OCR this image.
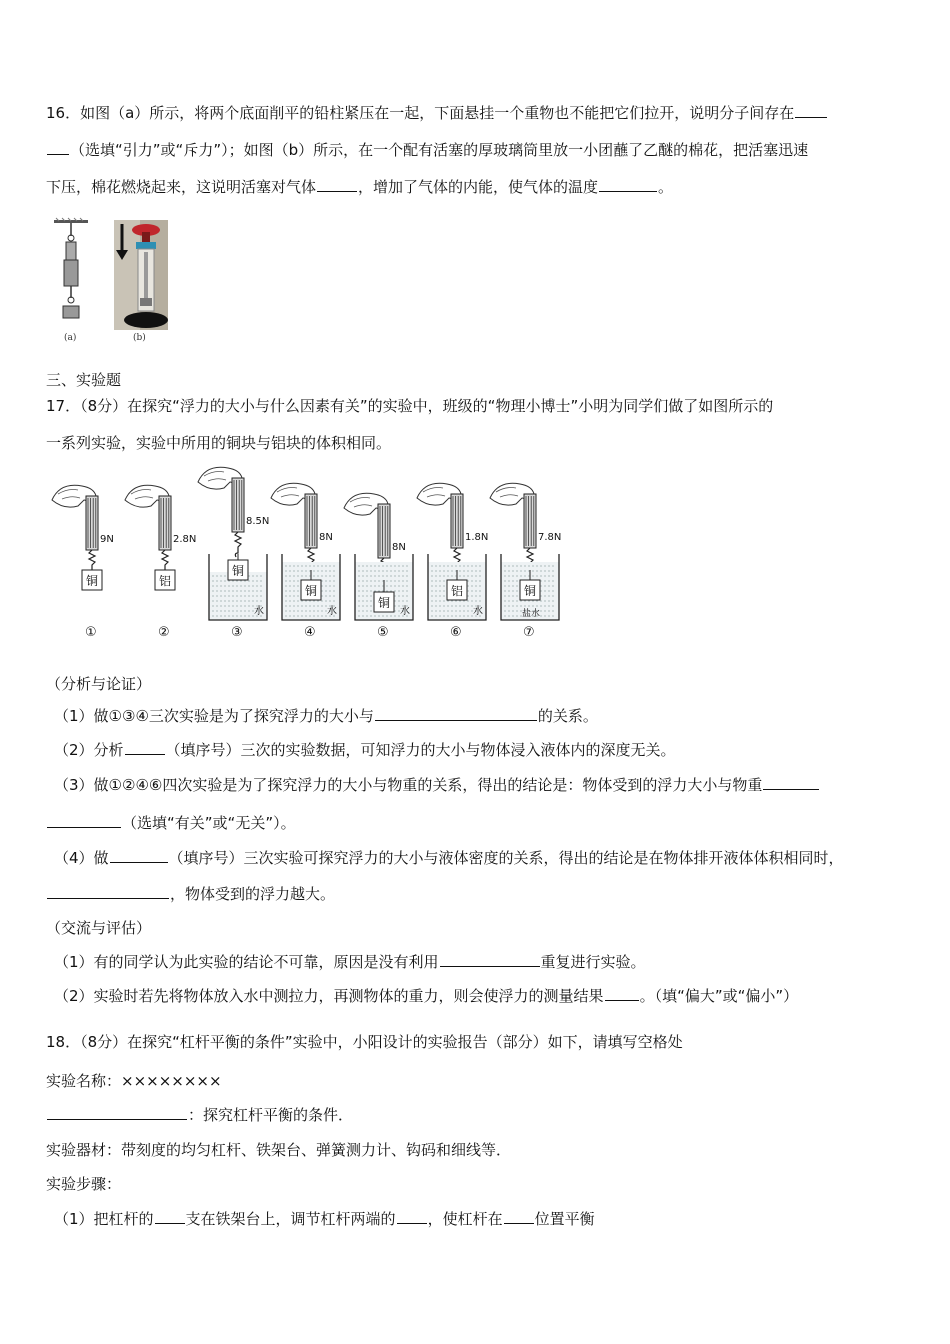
16．如图（a）所示，将两个底面削平的铅柱紧压在一起，下面悬挂一个重物也不能把它们拉开，说明分子间存在
（选填“引力”或“斥力”）；如图（b）所示，在一个配有活塞的厚玻璃筒里放一小团蘸了乙醚的棉花，把活塞迅速
下压，棉花燃烧起来，这说明活塞对气体	，增加了气体的内能，使气体的温度	。
(a)	(b)
三、实验题
17．（8分）在探究“浮力的大小与什么因素有关”的实验中，班级的“物理小博士”小明为同学们做了如图所示的
一系列实验，实验中所用的铜块与铝块的体积相同。
9N
铜
①
2.8N
铝
②
8.5N
水
铜
③
8N
水
铜
④
8N
水
铜
⑤
1.8N
水
铝
⑥
7.8N
盐水
铜
⑦
（分析与论证）
（1）做①③④三次实验是为了探究浮力的大小与	的关系。
（2）分析	（填序号）三次的实验数据，可知浮力的大小与物体浸入液体内的深度无关。
（3）做①②④⑥四次实验是为了探究浮力的大小与物重的关系，得出的结论是：物体受到的浮力大小与物重
（选填“有关”或“无关”）。
（4）做	（填序号）三次实验可探究浮力的大小与液体密度的关系，得出的结论是在物体排开液体体积相同时，
，物体受到的浮力越大。
（交流与评估）
（1）有的同学认为此实验的结论不可靠，原因是没有利用	重复进行实验。
（2）实验时若先将物体放入水中测拉力，再测物体的重力，则会使浮力的测量结果 。（填“偏大”或“偏小”）
18．（8分）在探究“杠杆平衡的条件”实验中，小阳设计的实验报告（部分）如下，请填写空格处
实验名称：××××××××
：探究杠杆平衡的条件．
实验器材：带刻度的均匀杠杆、铁架台、弹簧测力计、钩码和细线等．
实验步骤：
（1）把杠杆的 支在铁架台上，调节杠杆两端的 ，使杠杆在 位置平衡
